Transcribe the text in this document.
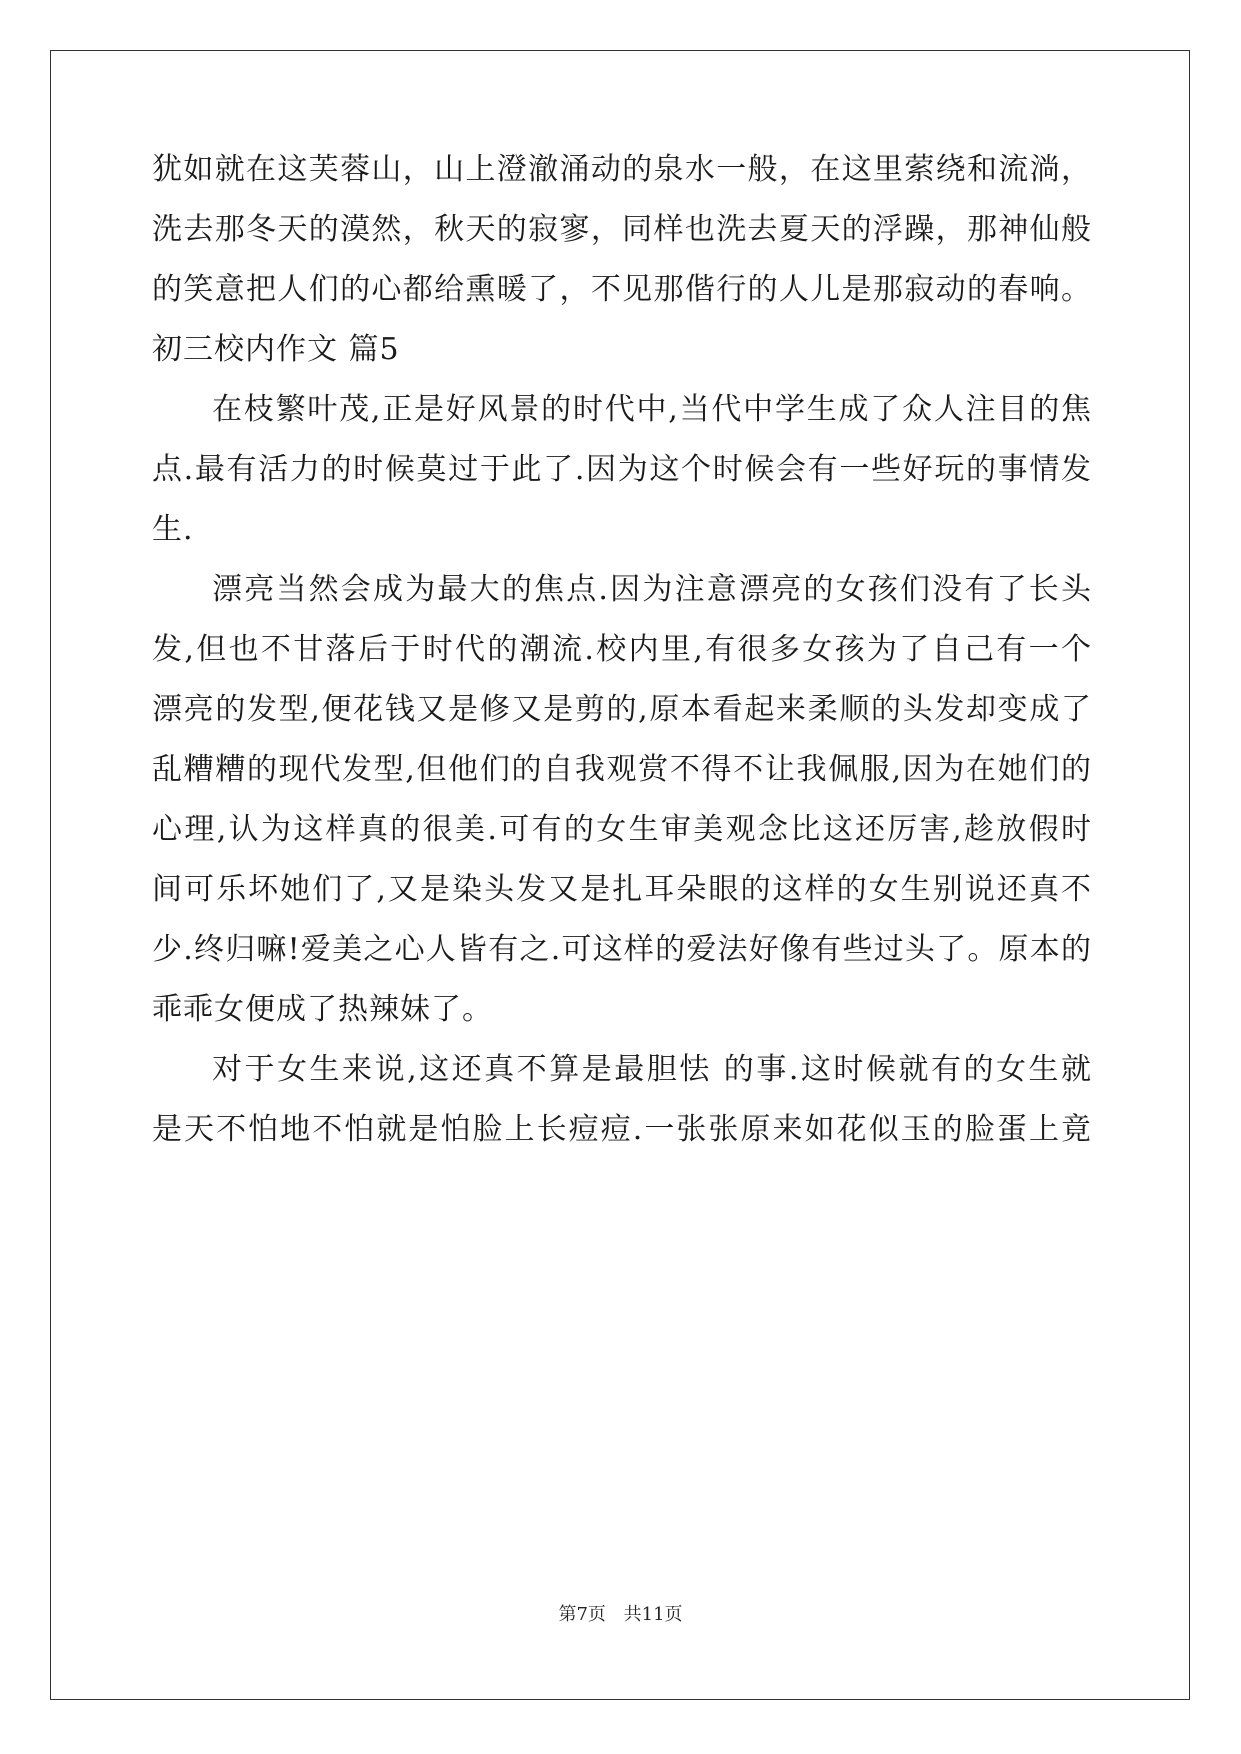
犹如就在这芙蓉山，山上澄澈涌动的泉水一般，在这里萦绕和流淌，
洗去那冬天的漠然，秋天的寂寥，同样也洗去夏天的浮躁，那神仙般
的笑意把人们的心都给熏暖了，不见那偕行的人儿是那寂动的春响。
初三校内作文 篇5
在枝繁叶茂,正是好风景的时代中,当代中学生成了众人注目的焦
点.最有活力的时候莫过于此了.因为这个时候会有一些好玩的事情发
生.
漂亮当然会成为最大的焦点.因为注意漂亮的女孩们没有了长头
发,但也不甘落后于时代的潮流.校内里,有很多女孩为了自己有一个
漂亮的发型,便花钱又是修又是剪的,原本看起来柔顺的头发却变成了
乱糟糟的现代发型,但他们的自我观赏不得不让我佩服,因为在她们的
心理,认为这样真的很美.可有的女生审美观念比这还厉害,趁放假时
间可乐坏她们了,又是染头发又是扎耳朵眼的这样的女生别说还真不
少.终归嘛!爱美之心人皆有之.可这样的爱法好像有些过头了。原本的
乖乖女便成了热辣妹了。
对于女生来说,这还真不算是最胆怯 的事.这时候就有的女生就
是天不怕地不怕就是怕脸上长痘痘.一张张原来如花似玉的脸蛋上竟
第7页 共11页
